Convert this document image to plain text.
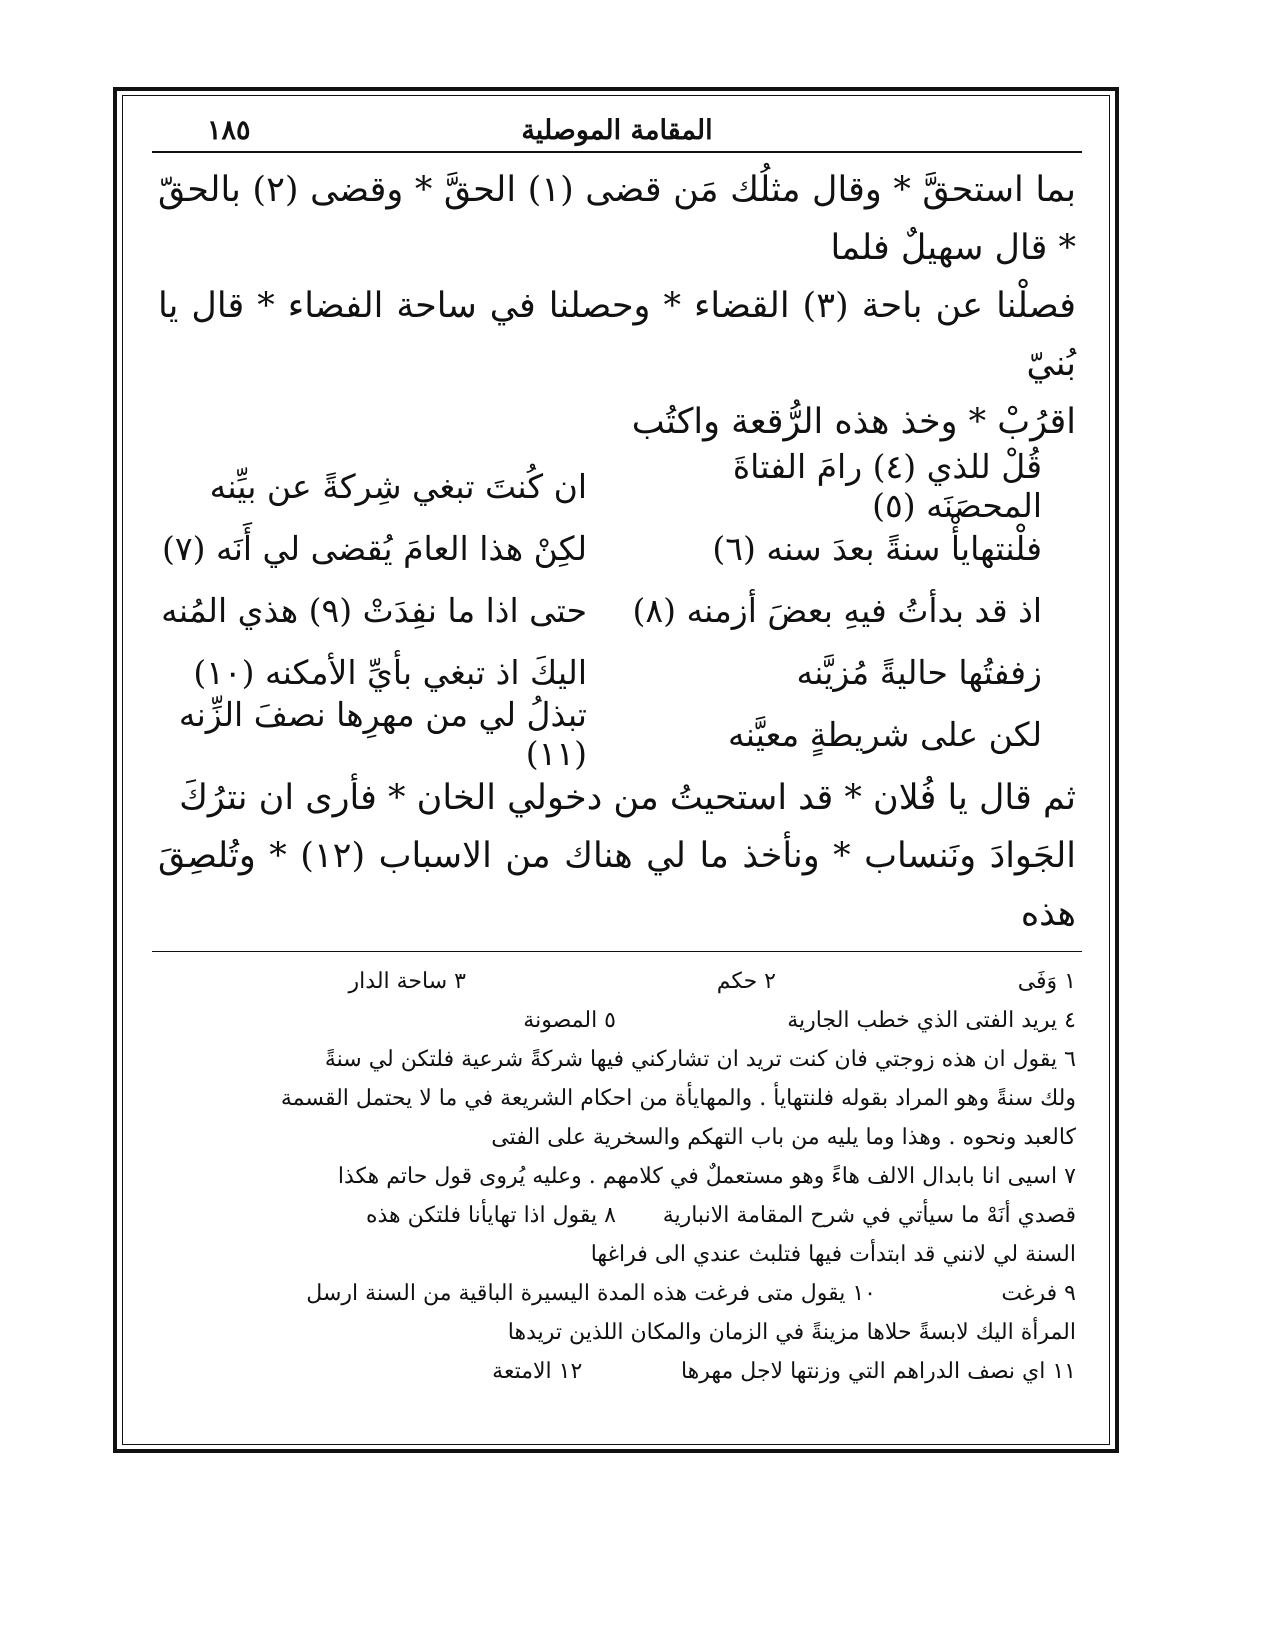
المقامة الموصلية
١٨٥

بما استحقَّ * وقال مثلُك مَن قضى (١) الحقَّ * وقضى (٢) بالحقّ * قال سهيلٌ فلما

فصلْنا عن باحة (٣) القضاء * وحصلنا في ساحة الفضاء * قال يا بُنيّ

اقرُبْ * وخذ هذه الرُّقعة واكتُب

قُلْ للذي (٤) رامَ الفتاةَ المحصَنَه (٥)
ان كُنتَ تبغي شِركةً عن بيِّنه
فلْنتهايأْ سنةً بعدَ سنه (٦)
لكِنْ هذا العامَ يُقضى لي أَنَه (٧)
اذ قد بدأتُ فيهِ بعضَ أزمنه (٨)
حتى اذا ما نفِدَتْ (٩) هذي المُنه
زففتُها حاليةً مُزيَّنه
اليكَ اذ تبغي بأيِّ الأمكنه (١٠)
لكن على شريطةٍ معيَّنه
تبذلُ لي من مهرِها نصفَ الزِّنه (١١)

ثم قال يا فُلان * قد استحيتُ من دخولي الخان * فأرى ان نترُكَ

الجَوادَ ونَنساب * ونأخذ ما لي هناك من الاسباب (١٢) * وتُلصِقَ هذه

١ وَفَى
٢ حكم
٣ ساحة الدار
٤ يريد الفتى الذي خطب الجارية
٥ المصونة
٦ يقول ان هذه زوجتي فان كنت تريد ان تشاركني فيها شركةً شرعية فلتكن لي سنةً
ولك سنةً وهو المراد بقوله فلنتهايأ . والمهايأة من احكام الشريعة في ما لا يحتمل القسمة
كالعبد ونحوه . وهذا وما يليه من باب التهكم والسخرية على الفتى
٧ اسيى انا بابدال الالف هاءً وهو مستعملٌ في كلامهم . وعليه يُروى قول حاتم هكذا
قصدي أنَهْ ما سيأتي في شرح المقامة الانبارية
٨ يقول اذا تهايأنا فلتكن هذه
السنة لي لانني قد ابتدأت فيها فتلبث عندي الى فراغها
٩ فرغت
١٠ يقول متى فرغت هذه المدة اليسيرة الباقية من السنة ارسل
المرأة اليك لابسةً حلاها مزينةً في الزمان والمكان اللذين تريدها
١١ اي نصف الدراهم التي وزنتها لاجل مهرها
١٢ الامتعة
